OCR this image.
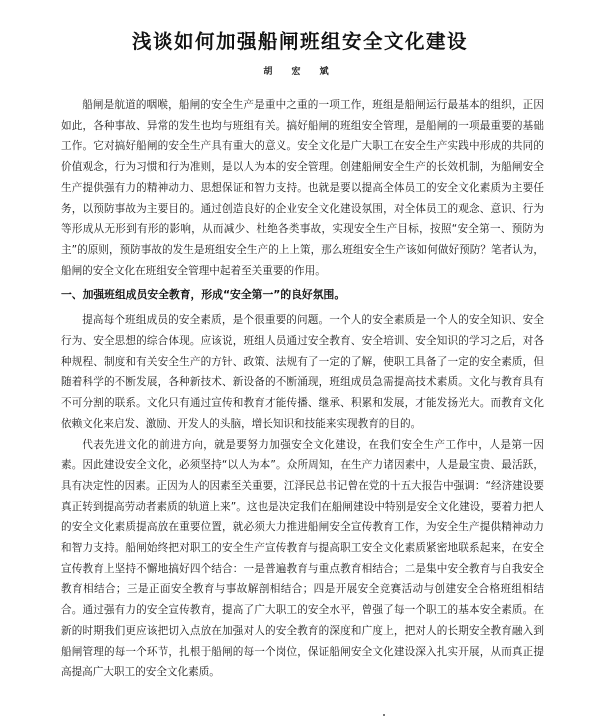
浅谈如何加强船闸班组安全文化建设
胡 宏 斌

船闸是航道的咽喉，船闸的安全生产是重中之重的一项工作，班组是船闸运行最基本的组织，正因如此，各种事故、异常的发生也均与班组有关。搞好船闸的班组安全管理，是船闸的一项最重要的基础工作。它对搞好船闸的安全生产具有重大的意义。安全文化是广大职工在安全生产实践中形成的共同的价值观念，行为习惯和行为准则，是以人为本的安全管理。创建船闸安全生产的长效机制，为船闸安全生产提供强有力的精神动力、思想保证和智力支持。也就是要以提高全体员工的安全文化素质为主要任务，以预防事故为主要目的。通过创造良好的企业安全文化建设氛围，对全体员工的观念、意识、行为等形成从无形到有形的影响，从而减少、杜绝各类事故，实现安全生产目标，按照“安全第一、预防为主”的原则，预防事故的发生是班组安全生产的上上策，那么班组安全生产该如何做好预防？笔者认为，船闸的安全文化在班组安全管理中起着至关重要的作用。

一、加强班组成员安全教育，形成“安全第一”的良好氛围。

提高每个班组成员的安全素质，是个很重要的问题。一个人的安全素质是一个人的安全知识、安全行为、安全思想的综合体现。应该说，班组人员通过安全教育、安全培训、安全知识的学习之后，对各种规程、制度和有关安全生产的方针、政策、法规有了一定的了解，使职工具备了一定的安全素质，但随着科学的不断发展，各种新技术、新设备的不断涌现，班组成员急需提高技术素质。文化与教育具有不可分割的联系。文化只有通过宣传和教育才能传播、继承、积累和发展，才能发扬光大。而教育文化依赖文化来启发、激励、开发人的头脑，增长知识和技能来实现教育的目的。

代表先进文化的前进方向，就是要努力加强安全文化建设，在我们安全生产工作中，人是第一因素。因此建设安全文化，必须坚持“以人为本”。众所周知，在生产力诸因素中，人是最宝贵、最活跃，具有决定性的因素。正因为人的因素至关重要，江泽民总书记曾在党的十五大报告中强调：“经济建设要真正转到提高劳动者素质的轨道上来”。这也是决定我们在船闸建设中特别是安全文化建设，要着力把人的安全文化素质提高放在重要位置，就必须大力推进船闸安全宣传教育工作，为安全生产提供精神动力和智力支持。船闸始终把对职工的安全生产宣传教育与提高职工安全文化素质紧密地联系起来，在安全宣传教育上坚持不懈地搞好四个结合：一是普遍教育与重点教育相结合；二是集中安全教育与自我安全教育相结合；三是正面安全教育与事故解剖相结合；四是开展安全竞赛活动与创建安全合格班组相结合。通过强有力的安全宣传教育，提高了广大职工的安全水平，曾强了每一个职工的基本安全素质。在新的时期我们更应该把切入点放在加强对人的安全教育的深度和广度上，把对人的长期安全教育融入到船闸管理的每一个环节，扎根于船闸的每一个岗位，保证船闸安全文化建设深入扎实开展，从而真正提高提高广大职工的安全文化素质。
